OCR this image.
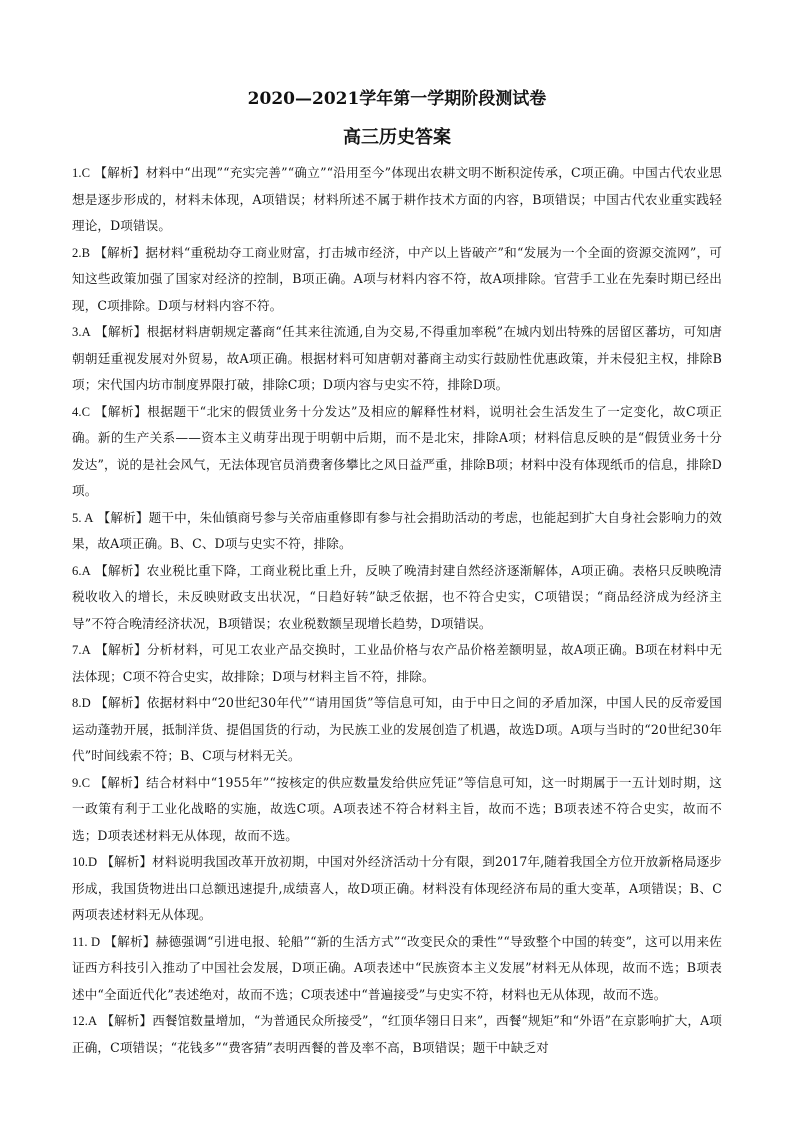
2020—2021学年第一学期阶段测试卷
高三历史答案

1.C 【解析】材料中“出现”“充实完善”“确立”“沿用至今”体现出农耕文明不断积淀传承，C项正确。中国古代农业思想是逐步形成的，材料未体现，A项错误；材料所述不属于耕作技术方面的内容，B项错误；中国古代农业重实践轻理论，D项错误。

2.B 【解析】据材料“重税劫夺工商业财富，打击城市经济，中产以上皆破产”和“发展为一个全面的资源交流网”，可知这些政策加强了国家对经济的控制，B项正确。A项与材料内容不符，故A项排除。官营手工业在先秦时期已经出现，C项排除。D项与材料内容不符。

3.A 【解析】根据材料唐朝规定蕃商“任其来往流通,自为交易,不得重加率税”在城内划出特殊的居留区蕃坊，可知唐朝朝廷重视发展对外贸易，故A项正确。根据材料可知唐朝对蕃商主动实行鼓励性优惠政策，并未侵犯主权，排除B项；宋代国内坊市制度界限打破，排除C项；D项内容与史实不符，排除D项。

4.C 【解析】根据题干“北宋的假赁业务十分发达”及相应的解释性材料，说明社会生活发生了一定变化，故C项正确。新的生产关系——资本主义萌芽出现于明朝中后期，而不是北宋，排除A项；材料信息反映的是“假赁业务十分发达”，说的是社会风气，无法体现官员消费奢侈攀比之风日益严重，排除B项；材料中没有体现纸币的信息，排除D项。

5. A 【解析】题干中，朱仙镇商号参与关帝庙重修即有参与社会捐助活动的考虑，也能起到扩大自身社会影响力的效果，故A项正确。B、C、D项与史实不符，排除。

6.A 【解析】农业税比重下降，工商业税比重上升，反映了晚清封建自然经济逐渐解体，A项正确。表格只反映晚清税收收入的增长，未反映财政支出状况，“日趋好转”缺乏依据，也不符合史实，C项错误；“商品经济成为经济主导”不符合晚清经济状况，B项错误；农业税数额呈现增长趋势，D项错误。

7.A 【解析】分析材料，可见工农业产品交换时，工业品价格与农产品价格差额明显，故A项正确。B项在材料中无法体现；C项不符合史实，故排除；D项与材料主旨不符，排除。

8.D 【解析】依据材料中“20世纪30年代”“请用国货”等信息可知，由于中日之间的矛盾加深，中国人民的反帝爱国运动蓬勃开展，抵制洋货、提倡国货的行动，为民族工业的发展创造了机遇，故选D项。A项与当时的“20世纪30年代”时间线索不符；B、C项与材料无关。

9.C 【解析】结合材料中“1955年”“按核定的供应数量发给供应凭证”等信息可知，这一时期属于一五计划时期，这一政策有利于工业化战略的实施，故选C项。A项表述不符合材料主旨，故而不选；B项表述不符合史实，故而不选；D项表述材料无从体现，故而不选。

10.D 【解析】材料说明我国改革开放初期，中国对外经济活动十分有限，到2017年,随着我国全方位开放新格局逐步形成，我国货物进出口总额迅速提升,成绩喜人，故D项正确。材料没有体现经济布局的重大变革，A项错误；B、C两项表述材料无从体现。

11. D 【解析】赫德强调“引进电报、轮船”“新的生活方式”“改变民众的秉性”“导致整个中国的转变”，这可以用来佐证西方科技引入推动了中国社会发展，D项正确。A项表述中“民族资本主义发展”材料无从体现，故而不选；B项表述中“全面近代化”表述绝对，故而不选；C项表述中“普遍接受”与史实不符，材料也无从体现，故而不选。

12.A 【解析】西餐馆数量增加，“为普通民众所接受”，“红顶华翎日日来”，西餐“规矩”和“外语”在京影响扩大，A项正确，C项错误；“花钱多”“费客猜”表明西餐的普及率不高，B项错误；题干中缺乏对
